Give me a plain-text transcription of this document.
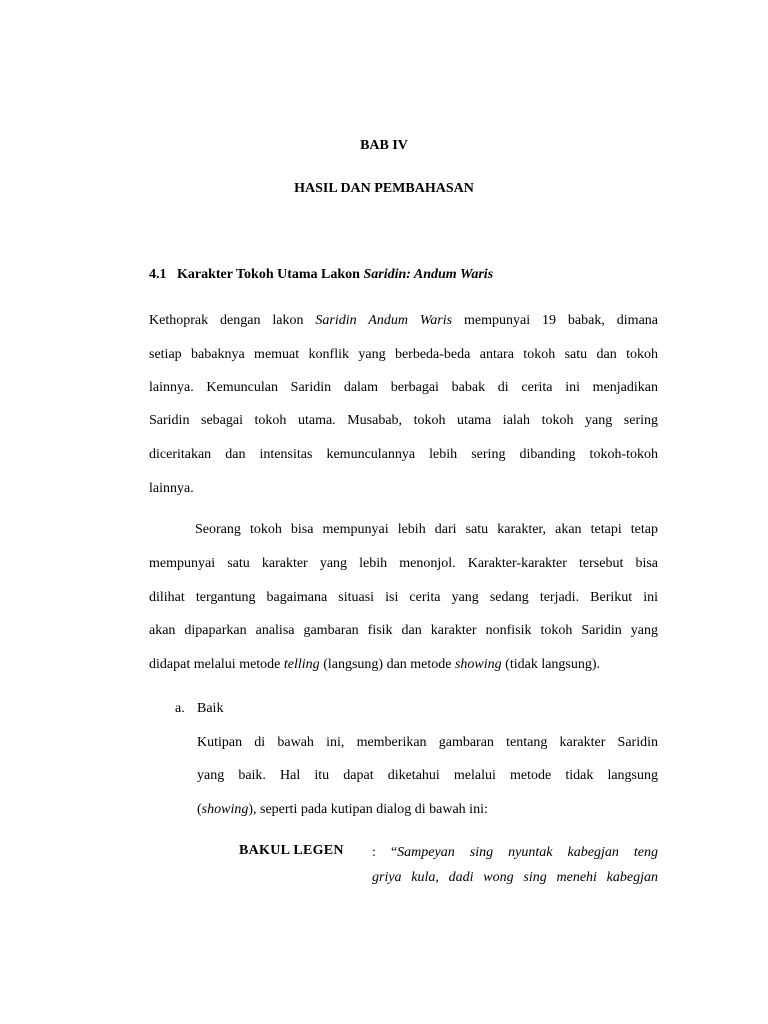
BAB IV
HASIL DAN PEMBAHASAN
4.1 Karakter Tokoh Utama Lakon Saridin: Andum Waris
Kethoprak dengan lakon Saridin Andum Waris mempunyai 19 babak, dimana
setiap babaknya memuat konflik yang berbeda-beda antara tokoh satu dan tokoh
lainnya. Kemunculan Saridin dalam berbagai babak di cerita ini menjadikan
Saridin sebagai tokoh utama. Musabab, tokoh utama ialah tokoh yang sering
diceritakan dan intensitas kemunculannya lebih sering dibanding tokoh-tokoh
lainnya.
Seorang tokoh bisa mempunyai lebih dari satu karakter, akan tetapi tetap
mempunyai satu karakter yang lebih menonjol. Karakter-karakter tersebut bisa
dilihat tergantung bagaimana situasi isi cerita yang sedang terjadi. Berikut ini
akan dipaparkan analisa gambaran fisik dan karakter nonfisik tokoh Saridin yang
didapat melalui metode telling (langsung) dan metode showing (tidak langsung).
a. Baik
Kutipan di bawah ini, memberikan gambaran tentang karakter Saridin
yang baik. Hal itu dapat diketahui melalui metode tidak langsung
(showing), seperti pada kutipan dialog di bawah ini:
BAKUL LEGEN : “Sampeyan sing nyuntak kabegjan teng
griya kula, dadi wong sing menehi kabegjan
